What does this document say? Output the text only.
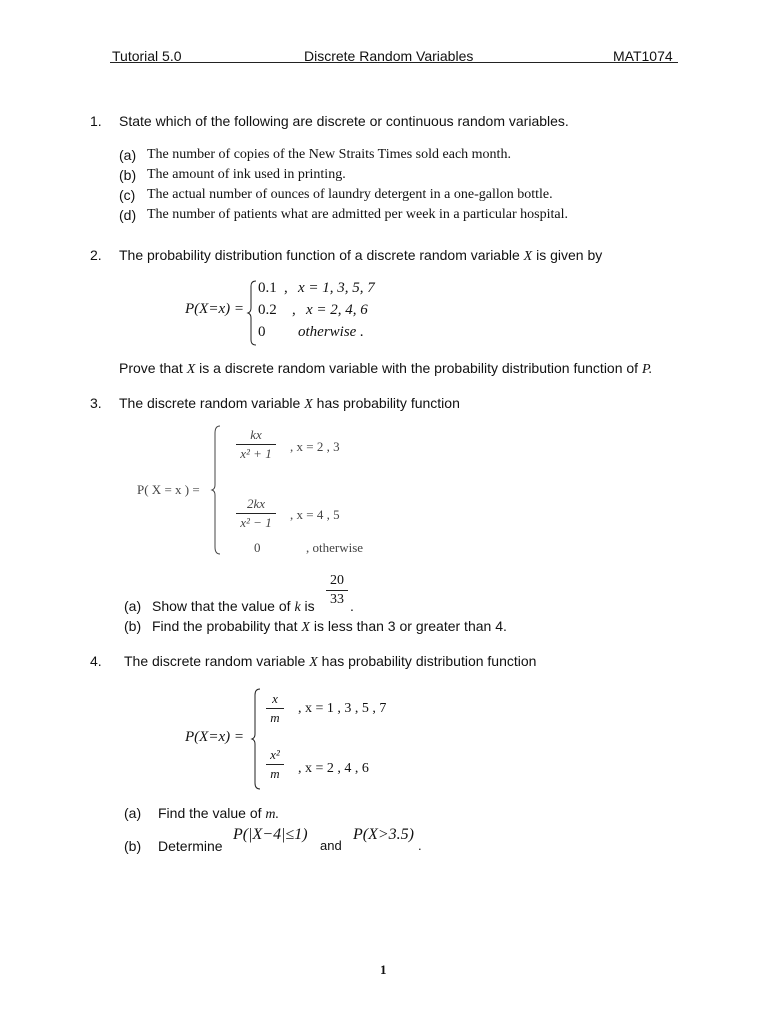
Tutorial 5.0	Discrete Random Variables	MAT1074
1. State which of the following are discrete or continuous random variables.
(a) The number of copies of the New Straits Times sold each month.
(b) The amount of ink used in printing.
(c) The actual number of ounces of laundry detergent in a one-gallon bottle.
(d) The number of patients what are admitted per week in a particular hospital.
2. The probability distribution function of a discrete random variable X is given by
P(X=x) =
0.1 , x = 1, 3, 5, 7
0.2 , x = 2, 4, 6
0 otherwise .
Prove that X is a discrete random variable with the probability distribution function of P.
3. The discrete random variable X has probability function
P( X = x ) =
kx
x² + 1	, x = 2 , 3
2kx
x² − 1
, x = 4 , 5
0	, otherwise
20
33
(a) Show that the value of k is	.
(b) Find the probability that X is less than 3 or greater than 4.
4. The discrete random variable X has probability distribution function
P(X=x) =
x
m
, x = 1 , 3 , 5 , 7
x²
m	, x = 2 , 4 , 6
(a) Find the value of m.
(b) Determine
P(|X−4|≤1)
and
P(X>3.5)
.
1
